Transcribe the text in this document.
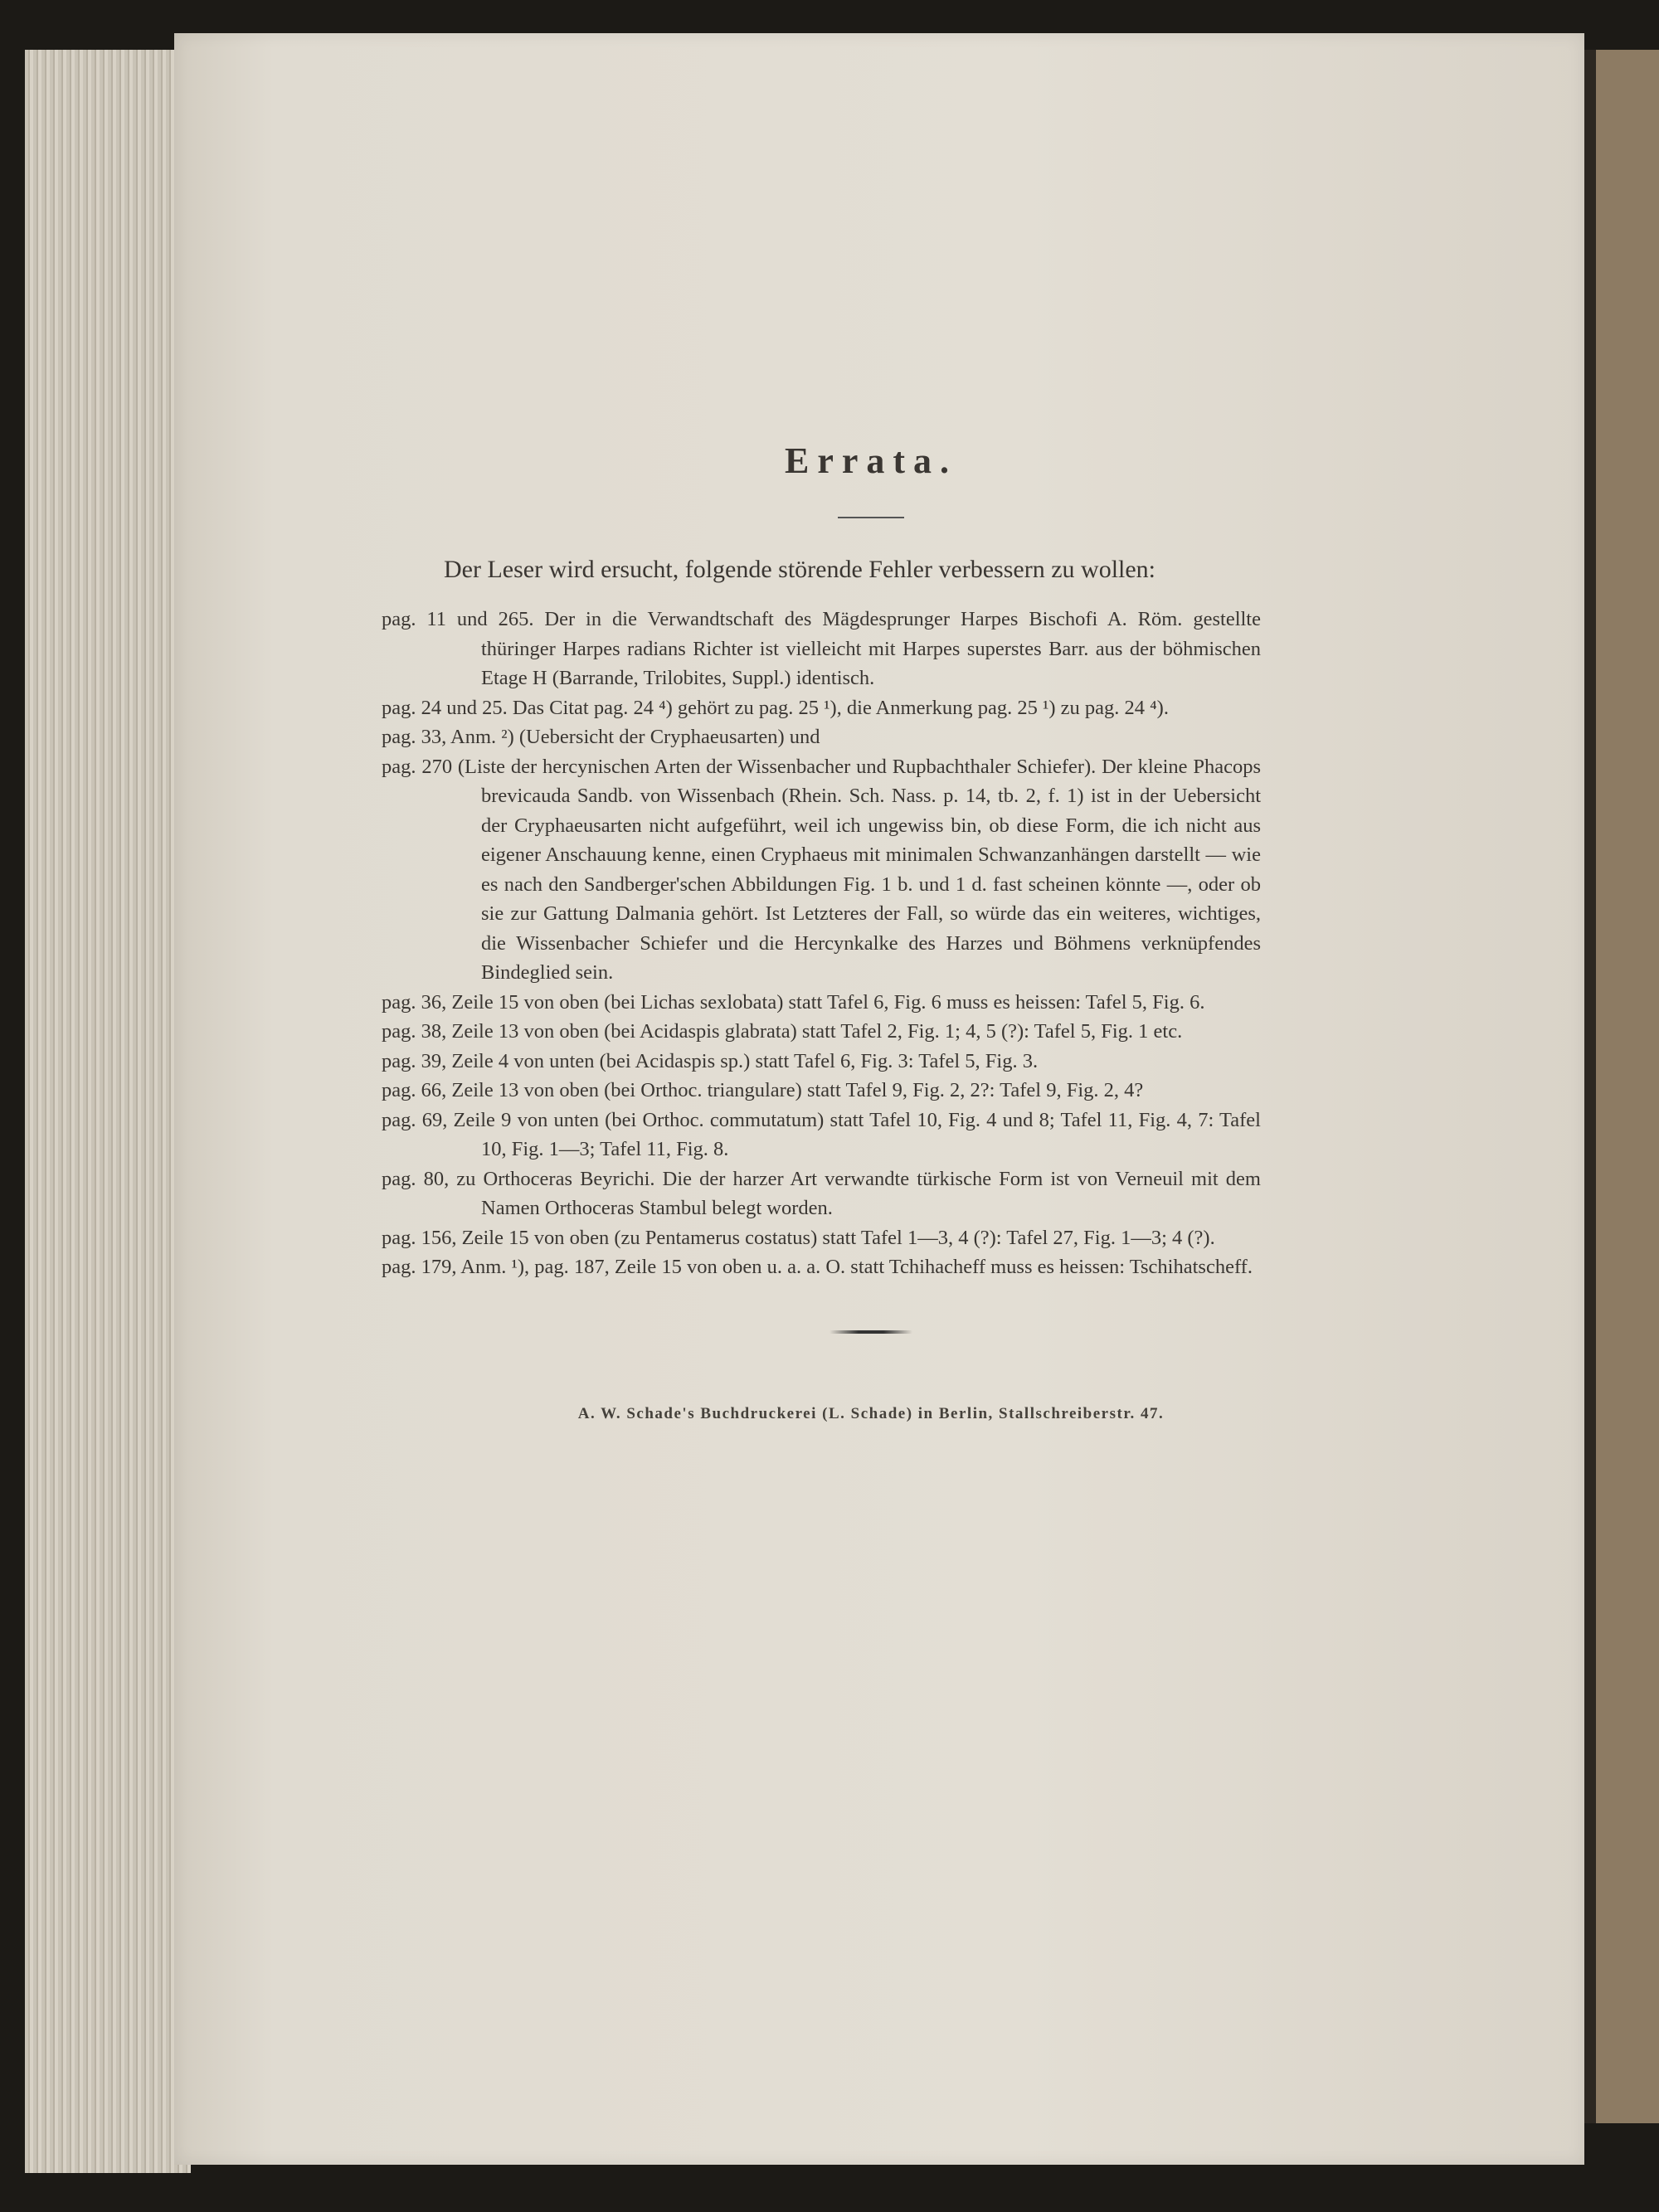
Errata.

Der Leser wird ersucht, folgende störende Fehler verbessern zu wollen:

pag. 11 und 265. Der in die Verwandtschaft des Mägdesprunger Harpes Bischofi A. Röm. gestellte thüringer Harpes radians Richter ist vielleicht mit Harpes superstes Barr. aus der böhmischen Etage H (Barrande, Trilobites, Suppl.) identisch.
pag. 24 und 25. Das Citat pag. 24 ⁴) gehört zu pag. 25 ¹), die Anmerkung pag. 25 ¹) zu pag. 24 ⁴).
pag. 33, Anm. ²) (Uebersicht der Cryphaeusarten) und
pag. 270 (Liste der hercynischen Arten der Wissenbacher und Rupbachthaler Schiefer). Der kleine Phacops brevicauda Sandb. von Wissenbach (Rhein. Sch. Nass. p. 14, tb. 2, f. 1) ist in der Uebersicht der Cryphaeusarten nicht aufgeführt, weil ich ungewiss bin, ob diese Form, die ich nicht aus eigener Anschauung kenne, einen Cryphaeus mit minimalen Schwanzanhängen darstellt — wie es nach den Sandberger'schen Abbildungen Fig. 1 b. und 1 d. fast scheinen könnte —, oder ob sie zur Gattung Dalmania gehört. Ist Letzteres der Fall, so würde das ein weiteres, wichtiges, die Wissenbacher Schiefer und die Hercynkalke des Harzes und Böhmens verknüpfendes Bindeglied sein.
pag. 36, Zeile 15 von oben (bei Lichas sexlobata) statt Tafel 6, Fig. 6 muss es heissen: Tafel 5, Fig. 6.
pag. 38, Zeile 13 von oben (bei Acidaspis glabrata) statt Tafel 2, Fig. 1; 4, 5 (?): Tafel 5, Fig. 1 etc.
pag. 39, Zeile 4 von unten (bei Acidaspis sp.) statt Tafel 6, Fig. 3: Tafel 5, Fig. 3.
pag. 66, Zeile 13 von oben (bei Orthoc. triangulare) statt Tafel 9, Fig. 2, 2?: Tafel 9, Fig. 2, 4?
pag. 69, Zeile 9 von unten (bei Orthoc. commutatum) statt Tafel 10, Fig. 4 und 8; Tafel 11, Fig. 4, 7: Tafel 10, Fig. 1—3; Tafel 11, Fig. 8.
pag. 80, zu Orthoceras Beyrichi. Die der harzer Art verwandte türkische Form ist von Verneuil mit dem Namen Orthoceras Stambul belegt worden.
pag. 156, Zeile 15 von oben (zu Pentamerus costatus) statt Tafel 1—3, 4 (?): Tafel 27, Fig. 1—3; 4 (?).
pag. 179, Anm. ¹), pag. 187, Zeile 15 von oben u. a. a. O. statt Tchihacheff muss es heissen: Tschihatscheff.

A. W. Schade's Buchdruckerei (L. Schade) in Berlin, Stallschreiberstr. 47.
